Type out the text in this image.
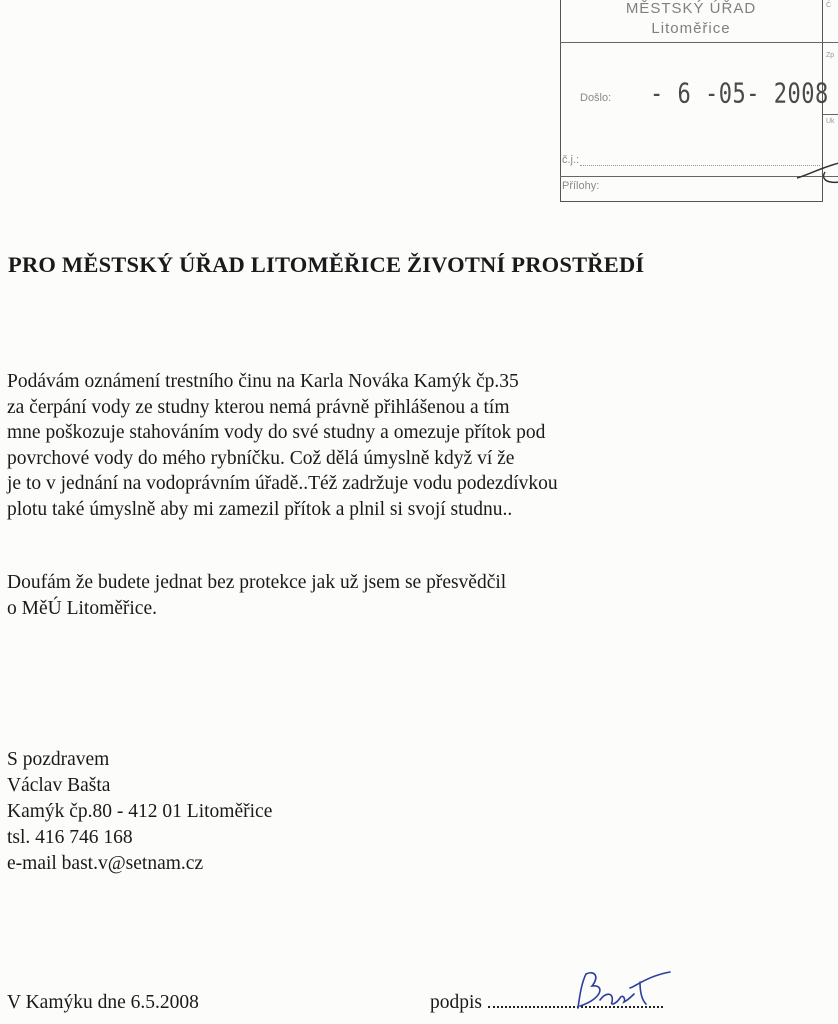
MĚSTSKÝ ÚŘAD
Litoměřice
Došlo: - 6 -05- 2008
č.j.:
Přílohy:
Č
Zp
Uk
PRO MĚSTSKÝ ÚŘAD LITOMĚŘICE ŽIVOTNÍ PROSTŘEDÍ
Podávám oznámení trestního činu na Karla Nováka Kamýk čp.35
za čerpání vody ze studny kterou nemá právně přihlášenou a tím
mne poškozuje stahováním vody do své studny a omezuje přítok pod
povrchové vody do mého rybníčku. Což dělá úmyslně když ví že
je to v jednání na vodoprávním úřadě..Též zadržuje vodu podezdívkou
plotu také úmyslně aby mi zamezil přítok a plnil si svojí studnu..
Doufám že budete jednat bez protekce jak už jsem se přesvědčil
o MěÚ Litoměřice.
S pozdravem
Václav Bašta
Kamýk čp.80 - 412 01 Litoměřice
tsl. 416 746 168
e-mail bast.v@setnam.cz
V Kamýku dne 6.5.2008	podpis
